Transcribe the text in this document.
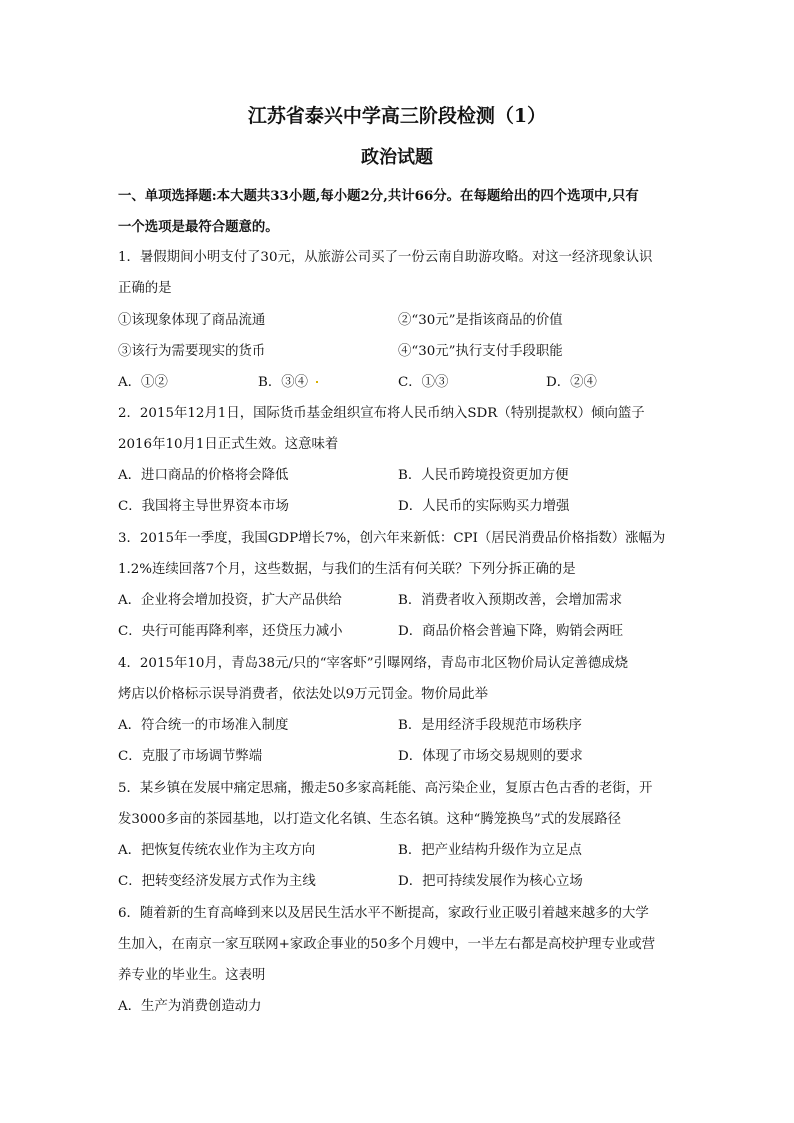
江苏省泰兴中学高三阶段检测（1）
政治试题
一、单项选择题:本大题共33小题,每小题2分,共计66分。在每题给出的四个选项中,只有
一个选项是最符合题意的。
1．暑假期间小明支付了30元，从旅游公司买了一份云南自助游攻略。对这一经济现象认识
正确的是
①该现象体现了商品流通	②“30元”是指该商品的价值
③该行为需要现实的货币	④“30元”执行支付手段职能
A．①②	B．③④	C．①③	D．②④
2．2015年12月1日，国际货币基金组织宣布将人民币纳入SDR（特别提款权）倾向篮子
2016年10月1日正式生效。这意味着
A．进口商品的价格将会降低	B．人民币跨境投资更加方便
C．我国将主导世界资本市场	D．人民币的实际购买力增强
3．2015年一季度，我国GDP增长7%，创六年来新低：CPI（居民消费品价格指数）涨幅为
1.2%连续回落7个月，这些数据，与我们的生活有何关联？下列分拆正确的是
A．企业将会增加投资，扩大产品供给	B．消费者收入预期改善，会增加需求
C．央行可能再降利率，还贷压力减小	D．商品价格会普遍下降，购销会两旺
4．2015年10月，青岛38元/只的“宰客虾”引曝网络，青岛市北区物价局认定善德成烧
烤店以价格标示误导消费者，依法处以9万元罚金。物价局此举
A．符合统一的市场准入制度	B．是用经济手段规范市场秩序
C．克服了市场调节弊端	D．体现了市场交易规则的要求
5．某乡镇在发展中痛定思痛，搬走50多家高耗能、高污染企业，复原古色古香的老街，开
发3000多亩的茶园基地，以打造文化名镇、生态名镇。这种“腾笼换鸟”式的发展路径
A．把恢复传统农业作为主攻方向	B．把产业结构升级作为立足点
C．把转变经济发展方式作为主线	D．把可持续发展作为核心立场
6．随着新的生育高峰到来以及居民生活水平不断提高，家政行业正吸引着越来越多的大学
生加入，在南京一家互联网+家政企事业的50多个月嫂中，一半左右都是高校护理专业或营
养专业的毕业生。这表明
A．生产为消费创造动力
